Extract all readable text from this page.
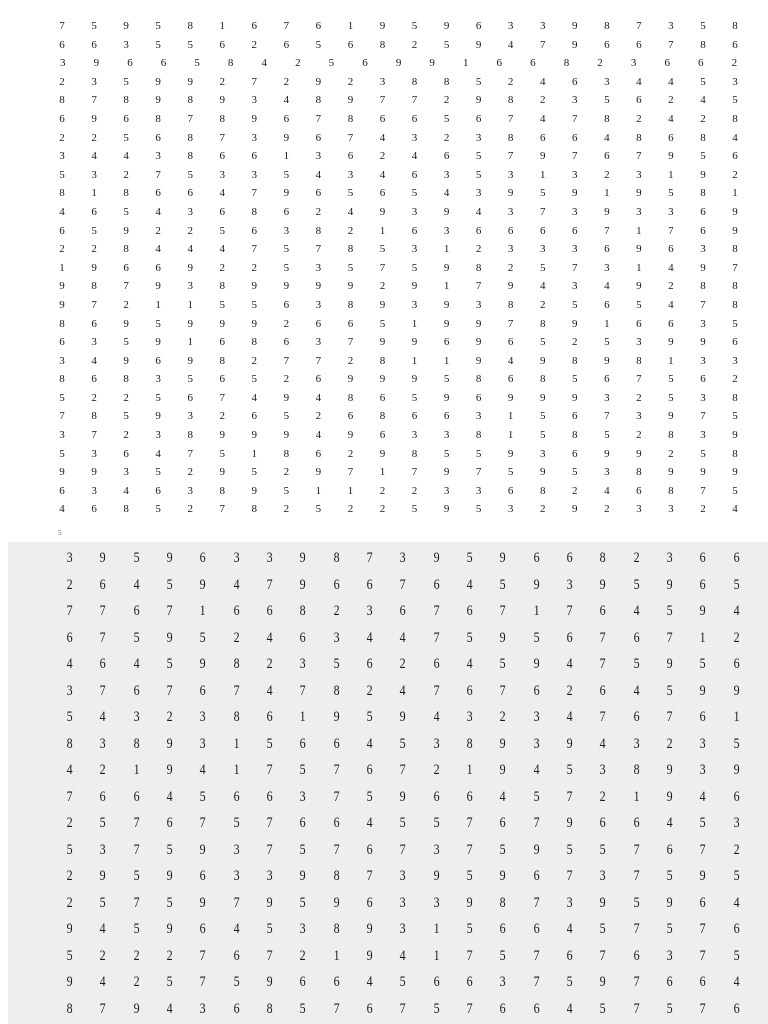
7	5	9	5	8	1	6	7	6	1	9	5	9	6	3	3	9	8	7	3	5	8
6	6	3	5	5	6	2	6	5	6	8	2	5	9	4	7	9	6	6	7	8	6
3	9	6	6	5	8	4	2	5	6	9	9	1	6	6	8	2	3	6	6	2
2	3	5	9	9	2	7	2	9	2	3	8	8	5	2	4	6	3	4	4	5	3
8	7	8	9	8	9	3	4	8	9	7	7	2	9	8	2	3	5	6	2	4	5
6	9	6	8	7	8	9	6	7	8	6	6	5	6	7	4	7	8	2	4	2	8
2	2	5	6	8	7	3	9	6	7	4	3	2	3	8	6	6	4	8	6	8	4
3	4	4	3	8	6	6	1	3	6	2	4	6	5	7	9	7	6	7	9	5	6
5	3	2	7	5	3	3	5	4	3	4	6	3	5	3	1	3	2	3	1	9	2
8	1	8	6	6	4	7	9	6	5	6	5	4	3	9	5	9	1	9	5	8	1
4	6	5	4	3	6	8	6	2	4	9	3	9	4	3	7	3	9	3	3	6	9
6	5	9	2	2	5	6	3	8	2	1	6	3	6	6	6	6	7	1	7	6	9
2	2	8	4	4	4	7	5	7	8	5	3	1	2	3	3	3	6	9	6	3	8
1	9	6	6	9	2	2	5	3	5	7	5	9	8	2	5	7	3	1	4	9	7
9	8	7	9	3	8	9	9	9	9	2	9	1	7	9	4	3	4	9	2	8	8
9	7	2	1	1	5	5	6	3	8	9	3	9	3	8	2	5	6	5	4	7	8
8	6	9	5	9	9	9	2	6	6	5	1	9	9	7	8	9	1	6	6	3	5
6	3	5	9	1	6	8	6	3	7	9	9	6	9	6	5	2	5	3	9	9	6
3	4	9	6	9	8	2	7	7	2	8	1	1	9	4	9	8	9	8	1	3	3
8	6	8	3	5	6	5	2	6	9	9	9	5	8	6	8	5	6	7	5	6	2
5	2	2	5	6	7	4	9	4	8	6	5	9	6	9	9	9	3	2	5	3	8
7	8	5	9	3	2	6	5	2	6	8	6	6	3	1	5	6	7	3	9	7	5
3	7	2	3	8	9	9	9	4	9	6	3	3	8	1	5	8	5	2	8	3	9
5	3	6	4	7	5	1	8	6	2	9	8	5	5	9	3	6	9	9	2	5	8
9	9	3	5	2	9	5	2	9	7	1	7	9	7	5	9	5	3	8	9	9	9
6	3	4	6	3	8	9	5	1	1	2	2	3	3	6	8	2	4	6	8	7	5
4	6	8	5	2	7	8	2	5	2	2	5	9	5	3	2	9	2	3	3	2	4
5
3	9	5	9	6	3	3	9	8	7	3	9	5	9	6	6	8	2	3	6	6
2	6	4	5	9	4	7	9	6	6	7	6	4	5	9	3	9	5	9	6	5
7	7	6	7	1	6	6	8	2	3	6	7	6	7	1	7	6	4	5	9	4
6	7	5	9	5	2	4	6	3	4	4	7	5	9	5	6	7	6	7	1	2
4	6	4	5	9	8	2	3	5	6	2	6	4	5	9	4	7	5	9	5	6
3	7	6	7	6	7	4	7	8	2	4	7	6	7	6	2	6	4	5	9	9
5	4	3	2	3	8	6	1	9	5	9	4	3	2	3	4	7	6	7	6	1
8	3	8	9	3	1	5	6	6	4	5	3	8	9	3	9	4	3	2	3	5
4	2	1	9	4	1	7	5	7	6	7	2	1	9	4	5	3	8	9	3	9
7	6	6	4	5	6	6	3	7	5	9	6	6	4	5	7	2	1	9	4	6
2	5	7	6	7	5	7	6	6	4	5	5	7	6	7	9	6	6	4	5	3
5	3	7	5	9	3	7	5	7	6	7	3	7	5	9	5	5	7	6	7	2
2	9	5	9	6	3	3	9	8	7	3	9	5	9	6	7	3	7	5	9	5
2	5	7	5	9	7	9	5	9	6	3	3	9	8	7	3	9	5	9	6	4
9	4	5	9	6	4	5	3	8	9	3	1	5	6	6	4	5	7	5	7	6
5	2	2	2	7	6	7	2	1	9	4	1	7	5	7	6	7	6	3	7	5
9	4	2	5	7	5	9	6	6	4	5	6	6	3	7	5	9	7	6	6	4
8	7	9	4	3	6	8	5	7	6	7	5	7	6	6	4	5	7	5	7	6
